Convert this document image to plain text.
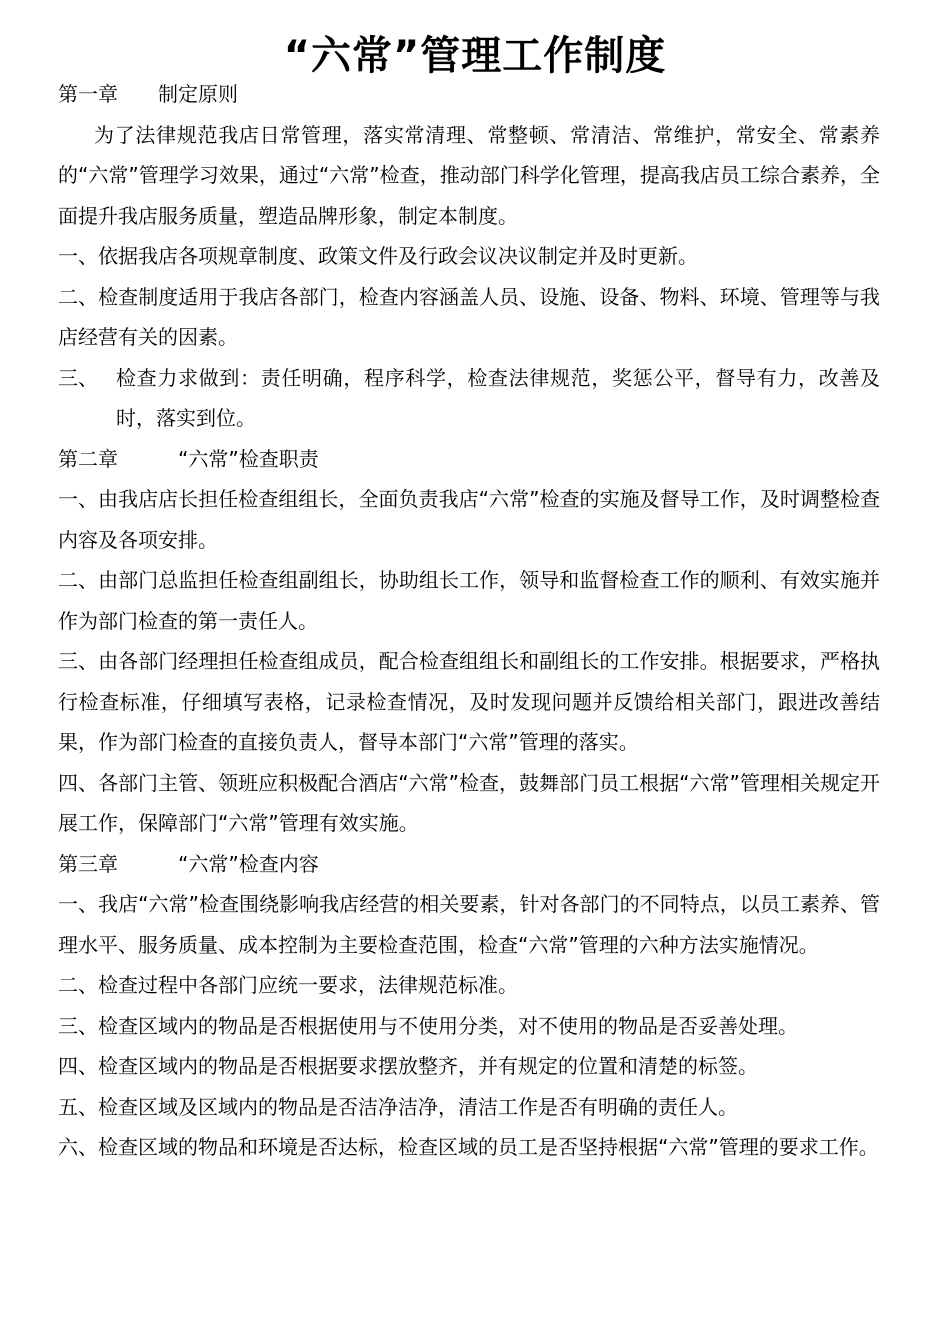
“六常”管理工作制度
第一章 制定原则

为了法律规范我店日常管理，落实常清理、常整顿、常清洁、常维护，常安全、常素养的“六常”管理学习效果，通过“六常”检查，推动部门科学化管理，提高我店员工综合素养，全面提升我店服务质量，塑造品牌形象，制定本制度。

一、依据我店各项规章制度、政策文件及行政会议决议制定并及时更新。

二、检查制度适用于我店各部门，检查内容涵盖人员、设施、设备、物料、环境、管理等与我店经营有关的因素。

三、 检查力求做到：责任明确，程序科学，检查法律规范，奖惩公平，督导有力，改善及时，落实到位。
第二章	“六常”检查职责

一、由我店店长担任检查组组长，全面负责我店“六常”检查的实施及督导工作，及时调整检查内容及各项安排。

二、由部门总监担任检查组副组长，协助组长工作，领导和监督检查工作的顺利、有效实施并作为部门检查的第一责任人。

三、由各部门经理担任检查组成员，配合检查组组长和副组长的工作安排。根据要求，严格执行检查标准，仔细填写表格，记录检查情况，及时发现问题并反馈给相关部门，跟进改善结果，作为部门检查的直接负责人，督导本部门“六常”管理的落实。

四、各部门主管、领班应积极配合酒店“六常”检查，鼓舞部门员工根据“六常”管理相关规定开展工作，保障部门“六常”管理有效实施。

第三章	“六常”检查内容

一、我店“六常”检查围绕影响我店经营的相关要素，针对各部门的不同特点，以员工素养、管理水平、服务质量、成本控制为主要检查范围，检查“六常”管理的六种方法实施情况。

二、检查过程中各部门应统一要求，法律规范标准。

三、检查区域内的物品是否根据使用与不使用分类，对不使用的物品是否妥善处理。

四、检查区域内的物品是否根据要求摆放整齐，并有规定的位置和清楚的标签。

五、检查区域及区域内的物品是否洁净洁净，清洁工作是否有明确的责任人。

六、检查区域的物品和环境是否达标，检查区域的员工是否坚持根据“六常”管理的要求工作。
